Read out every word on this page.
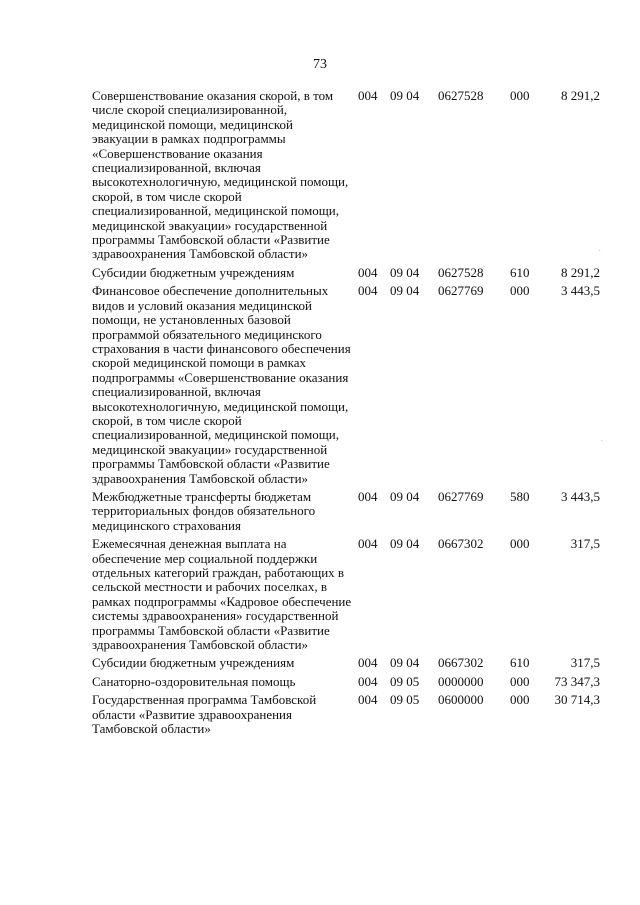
73
Совершенствование оказания скорой, в том числе скорой специализированной, медицинской помощи, медицинской эвакуации в рамках подпрограммы «Совершенствование оказания специализированной, включая высокотехнологичную, медицинской помощи, скорой, в том числе скорой специализированной, медицинской помощи, медицинской эвакуации» государственной программы Тамбовской области «Развитие здравоохранения Тамбовской области»	004	09 04	0627528	000	8 291,2
Субсидии бюджетным учреждениям	004	09 04	0627528	610	8 291,2
Финансовое обеспечение дополнительных видов и условий оказания медицинской помощи, не установленных базовой программой обязательного медицинского страхования в части финансового обеспечения скорой медицинской помощи в рамках подпрограммы «Совершенствование оказания специализированной, включая высокотехнологичную, медицинской помощи, скорой, в том числе скорой специализированной, медицинской помощи, медицинской эвакуации» государственной программы Тамбовской области «Развитие здравоохранения Тамбовской области»	004	09 04	0627769	000	3 443,5
Межбюджетные трансферты бюджетам территориальных фондов обязательного медицинского страхования	004	09 04	0627769	580	3 443,5
Ежемесячная денежная выплата на обеспечение мер социальной поддержки отдельных категорий граждан, работающих в сельской местности и рабочих поселках, в рамках подпрограммы «Кадровое обеспечение системы здравоохранения» государственной программы Тамбовской области «Развитие здравоохранения Тамбовской области»	004	09 04	0667302	000	317,5
Субсидии бюджетным учреждениям	004	09 04	0667302	610	317,5
Санаторно-оздоровительная помощь	004	09 05	0000000	000	73 347,3
Государственная программа Тамбовской области «Развитие здравоохранения Тамбовской области»	004	09 05	0600000	000	30 714,3
·
·
